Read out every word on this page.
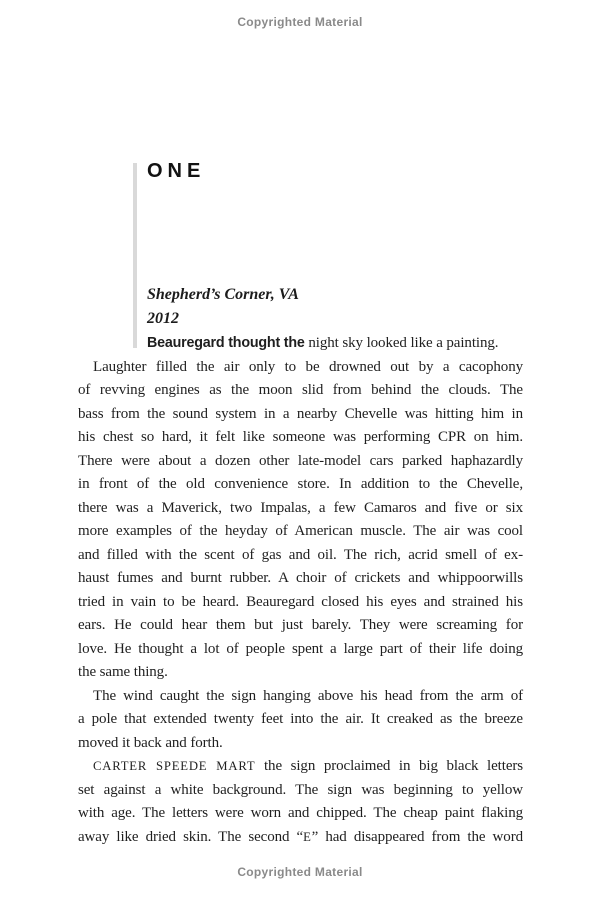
Copyrighted Material
ONE
Shepherd’s Corner, VA
2012
Beauregard thought the night sky looked like a painting.
Laughter filled the air only to be drowned out by a cacophony
of revving engines as the moon slid from behind the clouds. The
bass from the sound system in a nearby Chevelle was hitting him in
his chest so hard, it felt like someone was performing CPR on him.
There were about a dozen other late-model cars parked haphazardly
in front of the old convenience store. In addition to the Chevelle,
there was a Maverick, two Impalas, a few Camaros and five or six
more examples of the heyday of American muscle. The air was cool
and filled with the scent of gas and oil. The rich, acrid smell of ex-
haust fumes and burnt rubber. A choir of crickets and whippoorwills
tried in vain to be heard. Beauregard closed his eyes and strained his
ears. He could hear them but just barely. They were screaming for
love. He thought a lot of people spent a large part of their life doing
the same thing.
The wind caught the sign hanging above his head from the arm of
a pole that extended twenty feet into the air. It creaked as the breeze
moved it back and forth.
CARTER SPEEDE MART the sign proclaimed in big black letters
set against a white background. The sign was beginning to yellow
with age. The letters were worn and chipped. The cheap paint flaking
away like dried skin. The second “E” had disappeared from the word
Copyrighted Material
